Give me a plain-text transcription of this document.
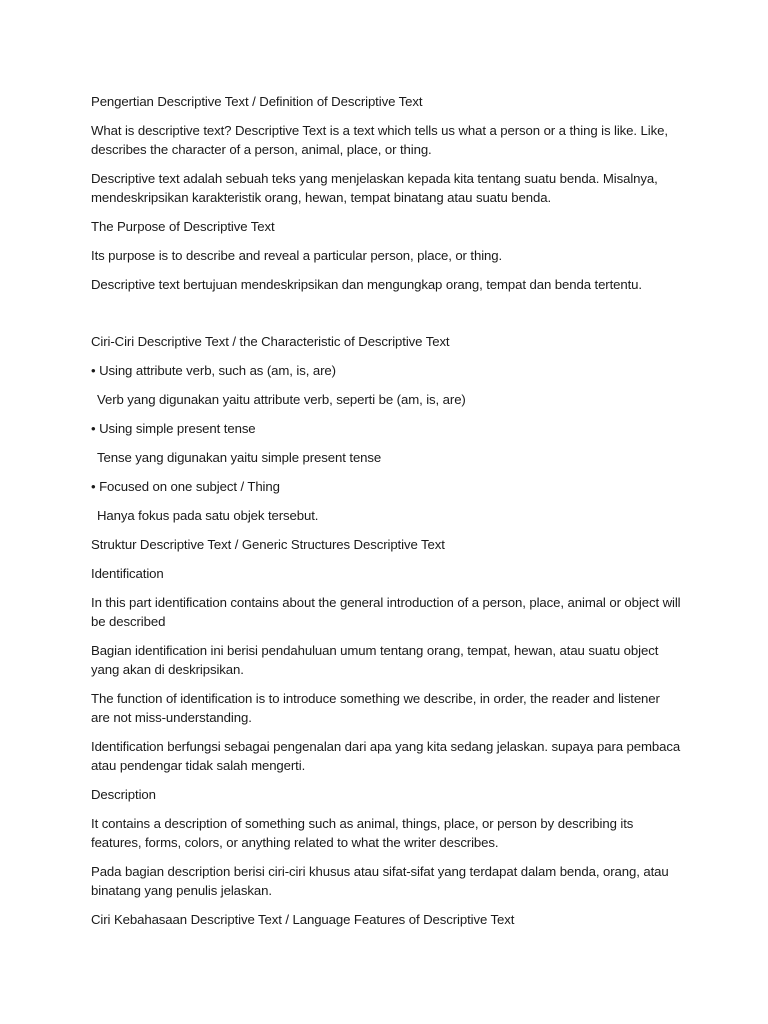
Pengertian Descriptive Text / Definition of Descriptive Text

What is descriptive text? Descriptive Text is a text which tells us what a person or a thing is like. Like, describes the character of a person, animal, place, or thing.

Descriptive text adalah sebuah teks yang menjelaskan kepada kita tentang suatu benda. Misalnya, mendeskripsikan karakteristik orang, hewan, tempat binatang atau suatu benda.

The Purpose of Descriptive Text

Its purpose is to describe and reveal a particular person, place, or thing.

Descriptive text bertujuan mendeskripsikan dan mengungkap orang, tempat dan benda tertentu.

Ciri-Ciri Descriptive Text / the Characteristic of Descriptive Text

• Using attribute verb, such as (am, is, are)

Verb yang digunakan yaitu attribute verb, seperti be (am, is, are)

• Using simple present tense

Tense yang digunakan yaitu simple present tense

• Focused on one subject / Thing

Hanya fokus pada satu objek tersebut.

Struktur Descriptive Text / Generic Structures Descriptive Text

Identification

In this part identification contains about the general introduction of a person, place, animal or object will be described

Bagian identification ini berisi pendahuluan umum tentang orang, tempat, hewan, atau suatu object yang akan di deskripsikan.

The function of identification is to introduce something we describe, in order, the reader and listener are not miss-understanding.

Identification berfungsi sebagai pengenalan dari apa yang kita sedang jelaskan. supaya para pembaca atau pendengar tidak salah mengerti.

Description

It contains a description of something such as animal, things, place, or person by describing its features, forms, colors, or anything related to what the writer describes.

Pada bagian description berisi ciri-ciri khusus atau sifat-sifat yang terdapat dalam benda, orang, atau binatang yang penulis jelaskan.

Ciri Kebahasaan Descriptive Text / Language Features of Descriptive Text
